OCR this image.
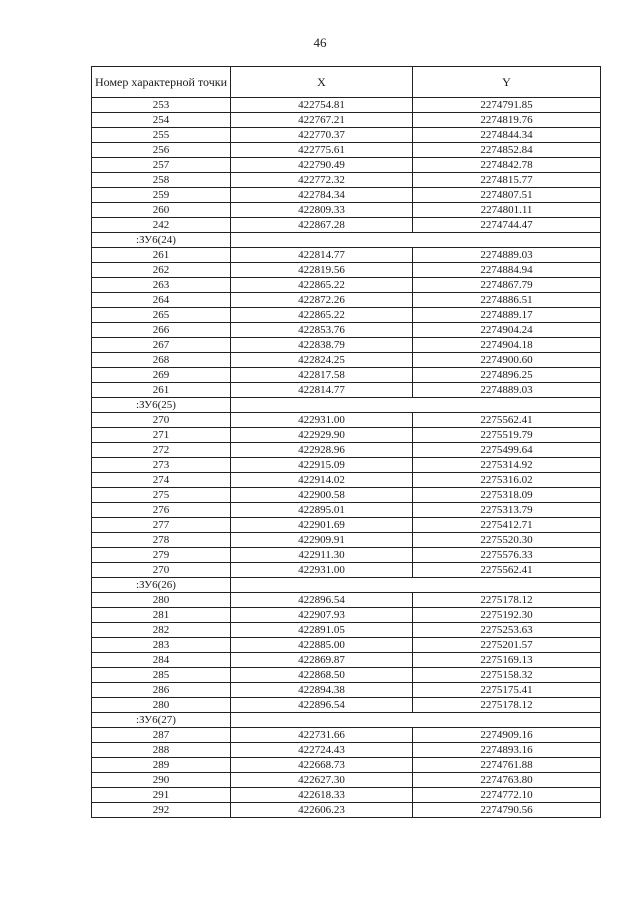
46
Номер характерной точки	X	Y
253	422754.81	2274791.85
254	422767.21	2274819.76
255	422770.37	2274844.34
256	422775.61	2274852.84
257	422790.49	2274842.78
258	422772.32	2274815.77
259	422784.34	2274807.51
260	422809.33	2274801.11
242	422867.28	2274744.47
:ЗУ6(24)		
261	422814.77	2274889.03
262	422819.56	2274884.94
263	422865.22	2274867.79
264	422872.26	2274886.51
265	422865.22	2274889.17
266	422853.76	2274904.24
267	422838.79	2274904.18
268	422824.25	2274900.60
269	422817.58	2274896.25
261	422814.77	2274889.03
:ЗУ6(25)		
270	422931.00	2275562.41
271	422929.90	2275519.79
272	422928.96	2275499.64
273	422915.09	2275314.92
274	422914.02	2275316.02
275	422900.58	2275318.09
276	422895.01	2275313.79
277	422901.69	2275412.71
278	422909.91	2275520.30
279	422911.30	2275576.33
270	422931.00	2275562.41
:ЗУ6(26)		
280	422896.54	2275178.12
281	422907.93	2275192.30
282	422891.05	2275253.63
283	422885.00	2275201.57
284	422869.87	2275169.13
285	422868.50	2275158.32
286	422894.38	2275175.41
280	422896.54	2275178.12
:ЗУ6(27)		
287	422731.66	2274909.16
288	422724.43	2274893.16
289	422668.73	2274761.88
290	422627.30	2274763.80
291	422618.33	2274772.10
292	422606.23	2274790.56
